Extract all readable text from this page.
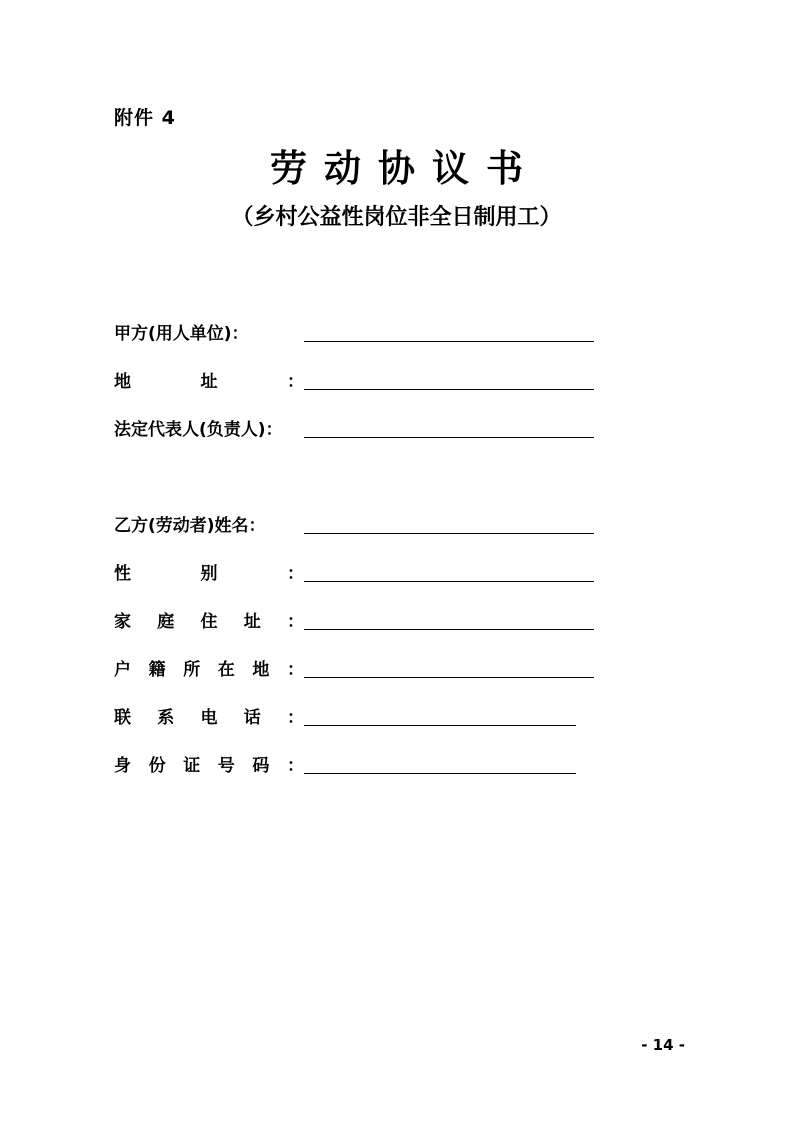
附件 4
劳动协议书
（乡村公益性岗位非全日制用工）
甲方(用人单位)：
地	址	：
法定代表人(负责人)：
乙方(劳动者)姓名：
性	别	：
家 庭 住 址 ：
户 籍 所 在 地 ：
联 系 电 话 ：
身 份 证 号 码 ：
- 14 -
